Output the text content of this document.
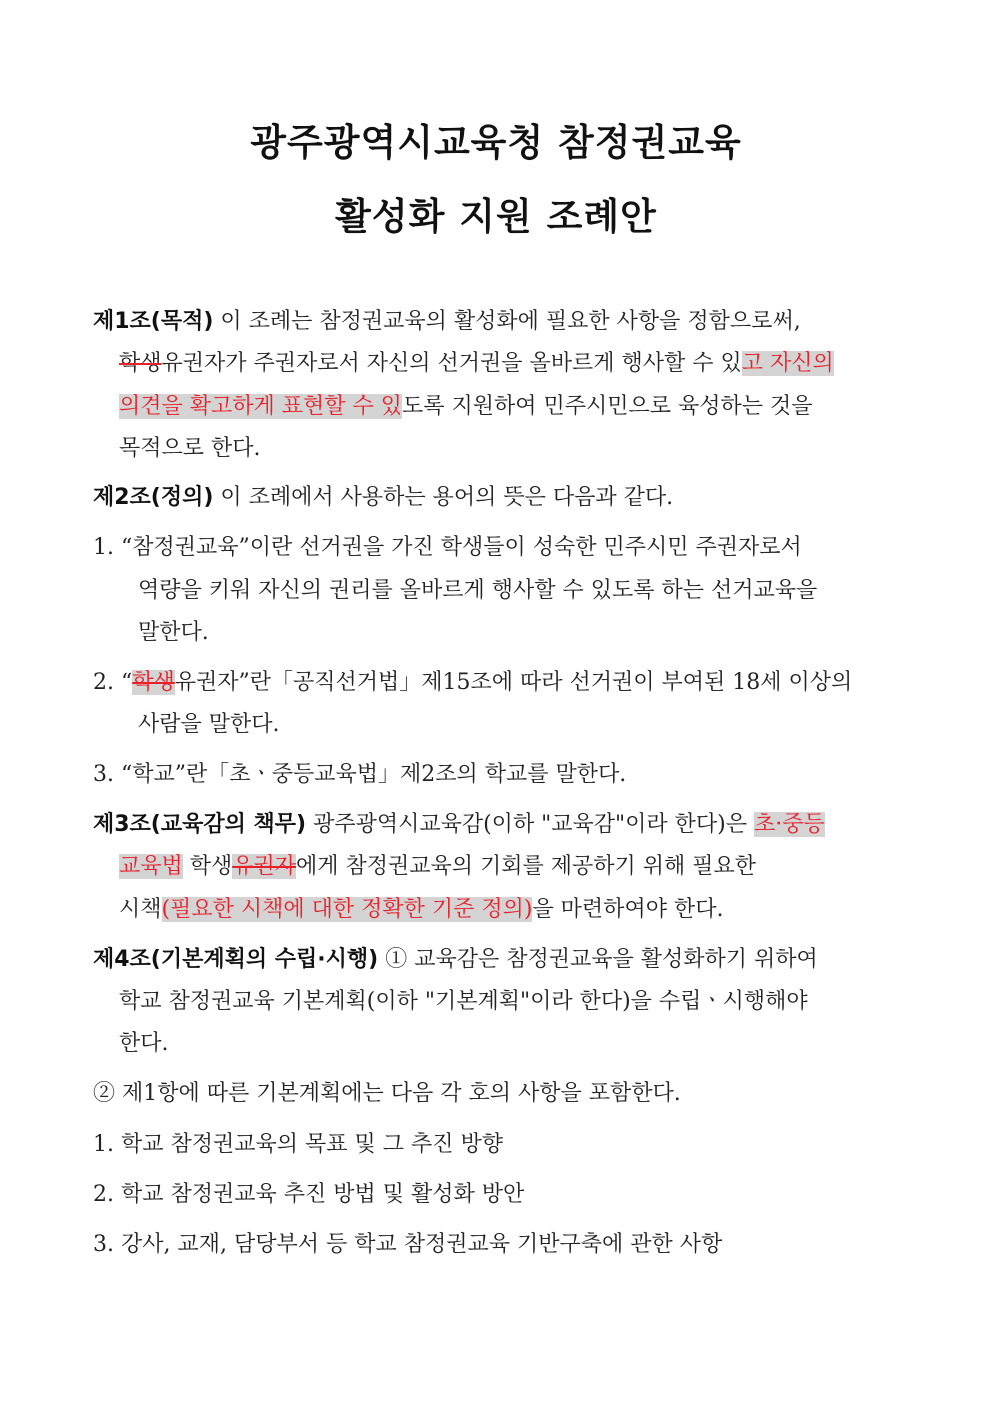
광주광역시교육청 참정권교육
활성화 지원 조례안
제1조(목적) 이 조례는 참정권교육의 활성화에 필요한 사항을 정함으로써,
학생유권자가 주권자로서 자신의 선거권을 올바르게 행사할 수 있고 자신의
의견을 확고하게 표현할 수 있도록 지원하여 민주시민으로 육성하는 것을
목적으로 한다.
제2조(정의) 이 조례에서 사용하는 용어의 뜻은 다음과 같다.
1. “참정권교육”이란 선거권을 가진 학생들이 성숙한 민주시민 주권자로서
역량을 키워 자신의 권리를 올바르게 행사할 수 있도록 하는 선거교육을
말한다.
2. “학생유권자”란「공직선거법」제15조에 따라 선거권이 부여된 18세 이상의
사람을 말한다.
3. “학교”란「초ㆍ중등교육법」제2조의 학교를 말한다.
제3조(교육감의 책무) 광주광역시교육감(이하 "교육감"이라 한다)은 초·중등
교육법 학생유권자에게 참정권교육의 기회를 제공하기 위해 필요한
시책(필요한 시책에 대한 정확한 기준 정의)을 마련하여야 한다.
제4조(기본계획의 수립·시행) ① 교육감은 참정권교육을 활성화하기 위하여
학교 참정권교육 기본계획(이하 "기본계획"이라 한다)을 수립ㆍ시행해야
한다.
② 제1항에 따른 기본계획에는 다음 각 호의 사항을 포함한다.
1. 학교 참정권교육의 목표 및 그 추진 방향
2. 학교 참정권교육 추진 방법 및 활성화 방안
3. 강사, 교재, 담당부서 등 학교 참정권교육 기반구축에 관한 사항
